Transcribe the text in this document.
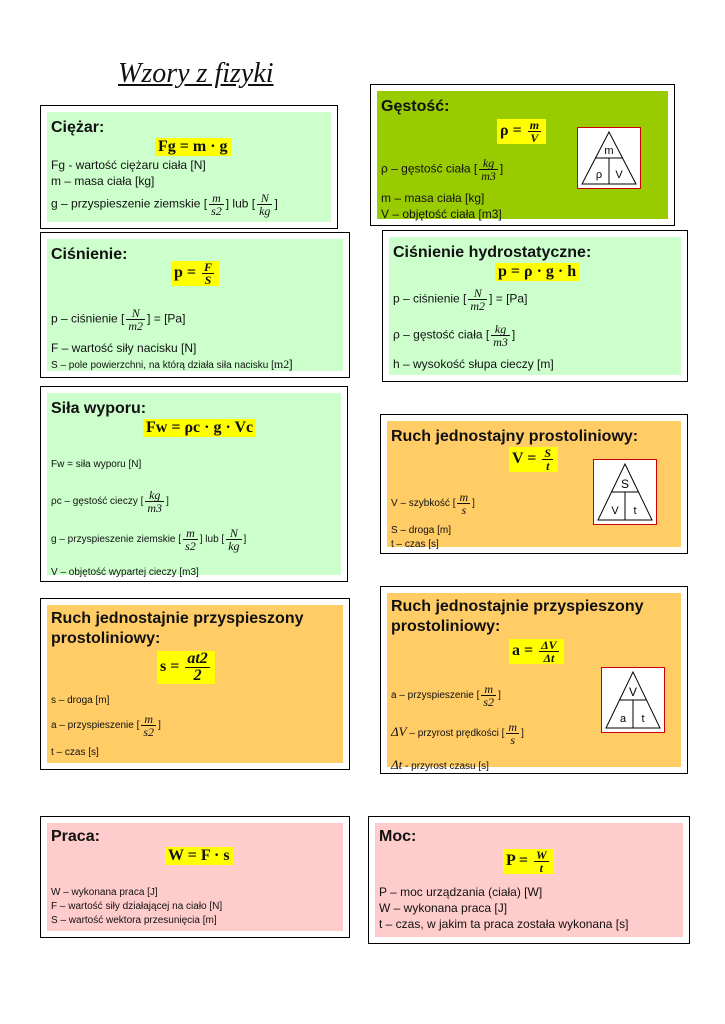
Wzory z fizyki
Ciężar:
Fg = m · g
Fg - wartość ciężaru ciała [N]
m – masa ciała [kg]
g – przyspieszenie ziemskie [ $\frac{m}{s2}$ ] lub [ $\frac{N}{kg}$ ]
Gęstość:
$\rho = \frac{m}{V}$
ρ – gęstość ciała [ $\frac{kg}{m3}$ ]
m – masa ciała [kg]
V – objętość ciała [m3]
m
ρ V
Ciśnienie:
$p = \frac{F}{S}$
p – ciśnienie [ $\frac{N}{m2}$ ] = [Pa]
F – wartość siły nacisku [N]
S – pole powierzchni, na którą działa siła nacisku [m2]
Ciśnienie hydrostatyczne:
p = ρ · g · h
p – ciśnienie [ $\frac{N}{m2}$ ] = [Pa]
ρ – gęstość ciała [ $\frac{kg}{m3}$ ]
h – wysokość słupa cieczy [m]
Siła wyporu:
Fw = ρc · g · Vc
Fw = siła wyporu [N]
ρc – gęstość cieczy [ $\frac{kg}{m3}$ ]
g – przyspieszenie ziemskie [ $\frac{m}{s2}$ ] lub [ $\frac{N}{kg}$ ]
V – objętość wypartej cieczy [m3]
Ruch jednostajny prostoliniowy:
$V = \frac{S}{t}$
V – szybkość [ $\frac{m}{s}$ ]
S – droga [m]
t – czas [s]
S
V t
Ruch jednostajnie przyspieszony
prostoliniowy:
$s = \frac{at2}{2}$
s – droga [m]
a – przyspieszenie [ $\frac{m}{s2}$ ]
t – czas [s]
Ruch jednostajnie przyspieszony
prostoliniowy:
$a = \frac{\Delta V}{\Delta t}$
a – przyspieszenie [ $\frac{m}{s2}$ ]
ΔV – przyrost prędkości [ $\frac{m}{s}$ ]
Δt - przyrost czasu [s]
V
a t
Praca:
W = F · s
W – wykonana praca [J]
F – wartość siły działającej na ciało [N]
S – wartość wektora przesunięcia [m]
Moc:
$P = \frac{W}{t}$
P – moc urządzania (ciała) [W]
W – wykonana praca [J]
t – czas, w jakim ta praca została wykonana [s]
